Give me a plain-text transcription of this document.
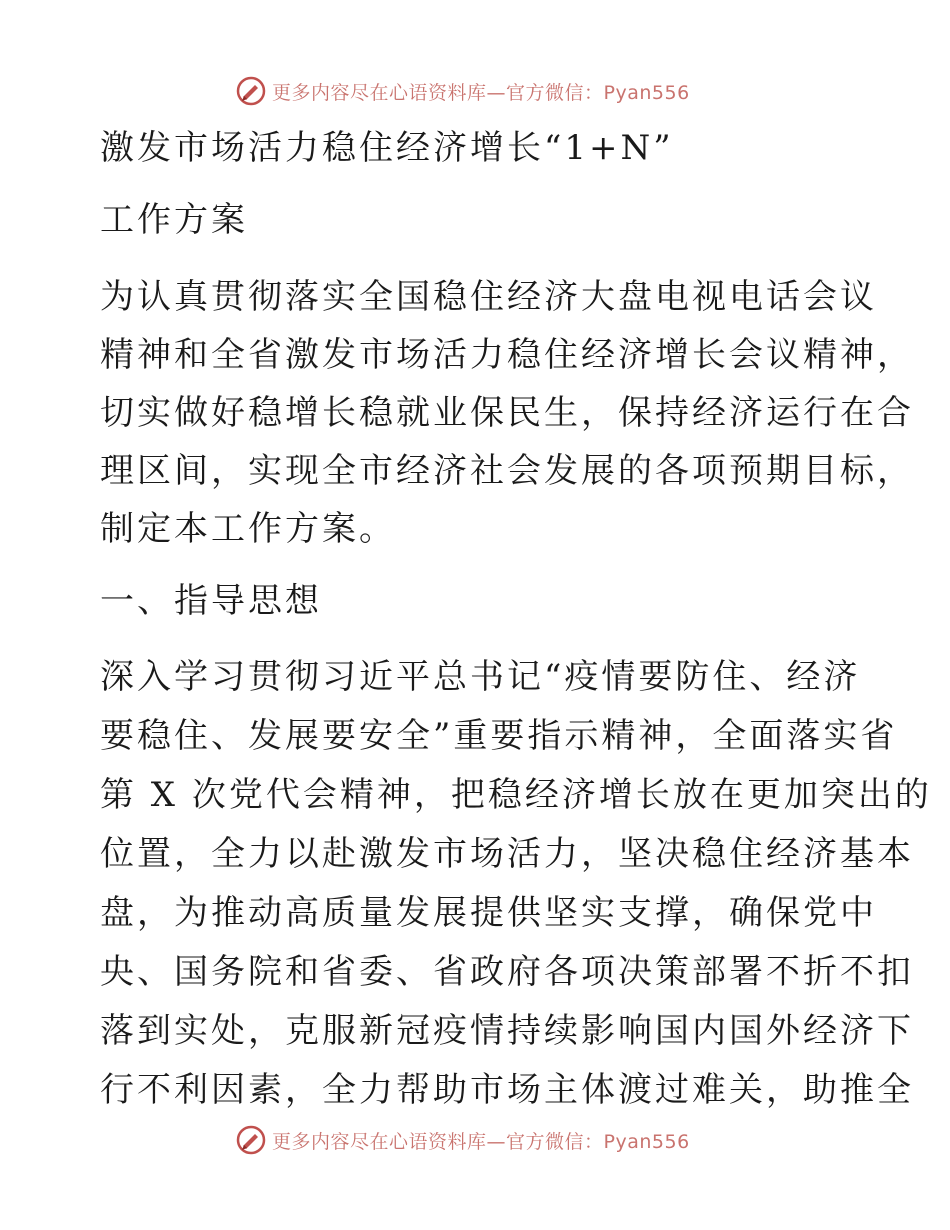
更多内容尽在心语资料库—官方微信：Pyan556
激发市场活力稳住经济增长“1+N”
工作方案
为认真贯彻落实全国稳住经济大盘电视电话会议
精神和全省激发市场活力稳住经济增长会议精神，
切实做好稳增长稳就业保民生，保持经济运行在合
理区间，实现全市经济社会发展的各项预期目标，
制定本工作方案。
一、指导思想
深入学习贯彻习近平总书记“疫情要防住、经济
要稳住、发展要安全”重要指示精神，全面落实省
第 X 次党代会精神，把稳经济增长放在更加突出的
位置，全力以赴激发市场活力，坚决稳住经济基本
盘，为推动高质量发展提供坚实支撑，确保党中
央、国务院和省委、省政府各项决策部署不折不扣
落到实处，克服新冠疫情持续影响国内国外经济下
行不利因素，全力帮助市场主体渡过难关，助推全
更多内容尽在心语资料库—官方微信：Pyan556
